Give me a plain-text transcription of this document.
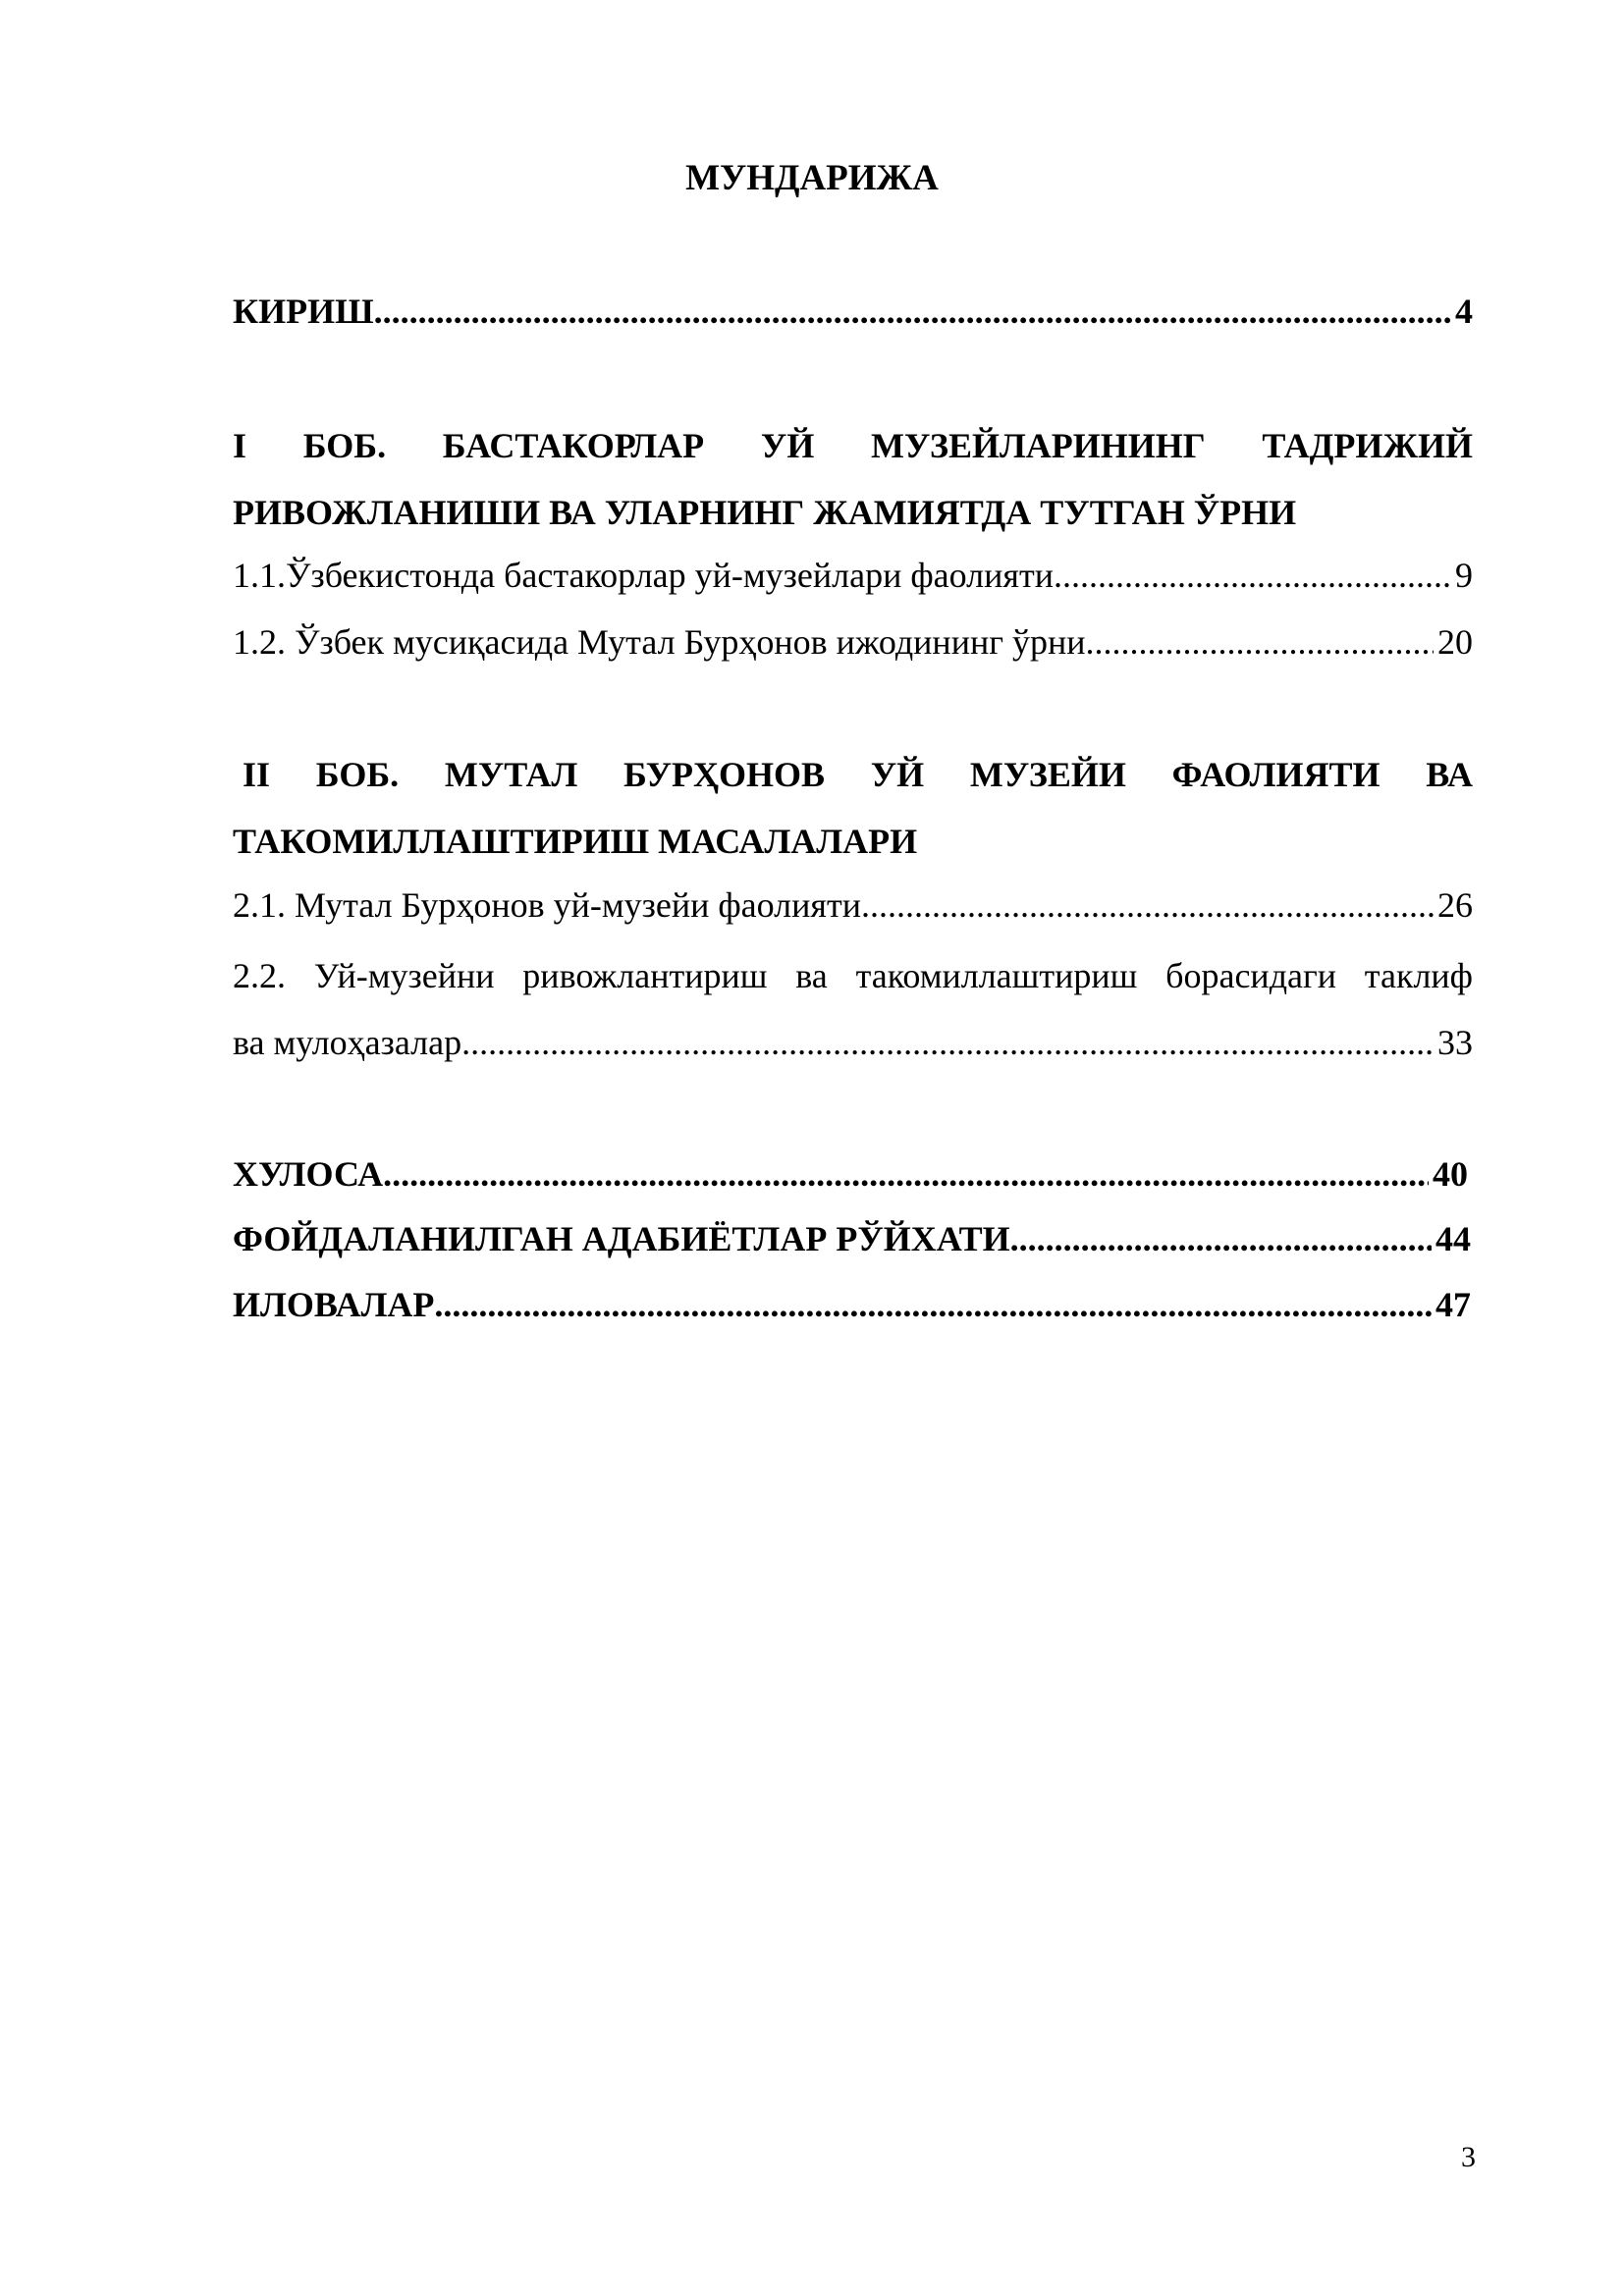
МУНДАРИЖА
КИРИШ .....	4
I БОБ. БАСТАКОРЛАР УЙ МУЗЕЙЛАРИНИНГ ТАДРИЖИЙ
РИВОЖЛАНИШИ ВА УЛАРНИНГ ЖАМИЯТДА ТУТГАН ЎРНИ
1.1.Ўзбекистонда бастакорлар уй-музейлари фаолияти .....	9
1.2. Ўзбек мусиқасида Мутал Бурҳонов ижодининг ўрни .....	20
II БОБ. МУТАЛ БУРҲОНОВ УЙ МУЗЕЙИ ФАОЛИЯТИ ВА
ТАКОМИЛЛАШТИРИШ МАСАЛАЛАРИ
2.1. Мутал Бурҳонов уй-музейи фаолияти .....	26
2.2. Уй-музейни ривожлантириш ва такомиллаштириш борасидаги таклиф
ва мулоҳазалар .....	33
ХУЛОСА .....	40
ФОЙДАЛАНИЛГАН АДАБИЁТЛАР РЎЙХАТИ .....	44
ИЛОВАЛАР .....	47
3
